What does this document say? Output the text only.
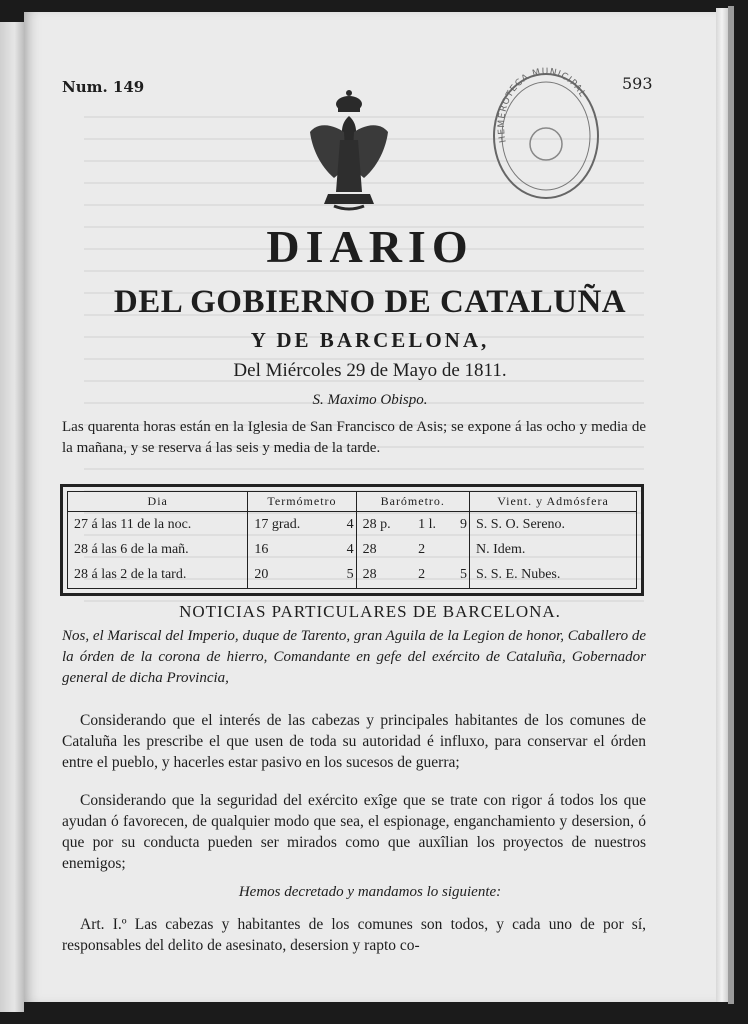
Num. 149	593
HEMEROTECA MUNICIPAL
DIARIO
DEL GOBIERNO DE CATALUÑA
Y DE BARCELONA,
Del Miércoles 29 de Mayo de 1811.
S. Maximo Obispo.
Las quarenta horas están en la Iglesia de San Francisco de Asis; se expone á las ocho y media de la mañana, y se reserva á las seis y media de la tarde.
Dia	Termómetro		Barómetro.			Vient. y Admósfera
27 á las 11 de la noc.	17 grad.	4	28 p.	1 l.	9	S. S. O. Sereno.
28 á las 6 de la mañ.	16	4	28	2		N. Idem.
28 á las 2 de la tard.	20	5	28	2	5	S. S. E. Nubes.
NOTICIAS PARTICULARES DE BARCELONA.
Nos, el Mariscal del Imperio, duque de Tarento, gran Aguila de la Legion de honor, Caballero de la órden de la corona de hierro, Comandante en gefe del exército de Cataluña, Gobernador general de dicha Provincia,
Considerando que el interés de las cabezas y principales habitantes de los comunes de Cataluña les prescribe el que usen de toda su autoridad é influxo, para conservar el órden entre el pueblo, y hacerles estar pasivo en los sucesos de guerra;
Considerando que la seguridad del exército exîge que se trate con rigor á todos los que ayudan ó favorecen, de qualquier modo que sea, el espionage, enganchamiento y desersion, ó que por su conducta pueden ser mirados como que auxîlian los proyectos de nuestros enemigos;
Hemos decretado y mandamos lo siguiente:
Art. I.º Las cabezas y habitantes de los comunes son todos, y cada uno de por sí, responsables del delito de asesinato, desersion y rapto co-
